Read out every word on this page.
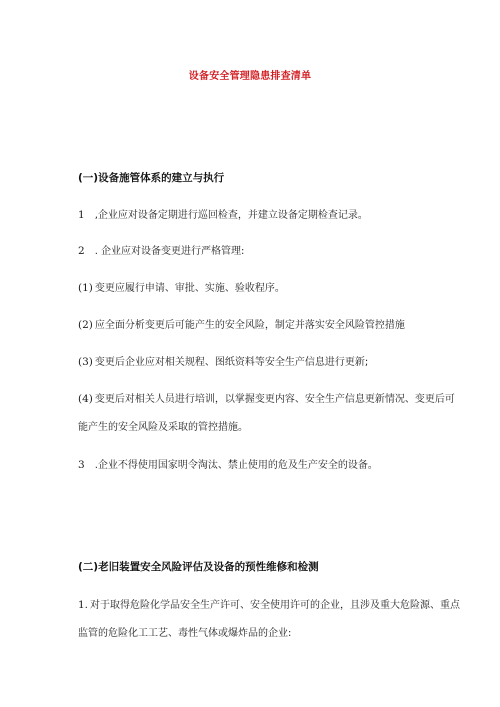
设备安全管理隐患排查清单
(一)设备施管体系的建立与执行
1 ,企业应对设备定期进行巡回检查，并建立设备定期检查记录。
2 . 企业应对设备变更进行严格管理:
(1) 变更应履行申请、审批、实施、验收程序。
(2) 应全面分析变更后可能产生的安全风险，制定并落实安全风险管控措施
(3) 变更后企业应对相关规程、图纸资料等安全生产信息进行更新;
(4) 变更后对相关人员进行培训，以掌握变更内容、安全生产信息更新情况、变更后可
能产生的安全风险及采取的管控措施。
3 .企业不得使用国家明令淘汰、禁止使用的危及生产安全的设备。
(二)老旧装置安全风险评估及设备的预性维修和检测
1. 对于取得危险化学品安全生产许可、安全使用许可的企业，且涉及重大危险源、重点
监管的危险化工工艺、毒性气体或爆炸品的企业:
